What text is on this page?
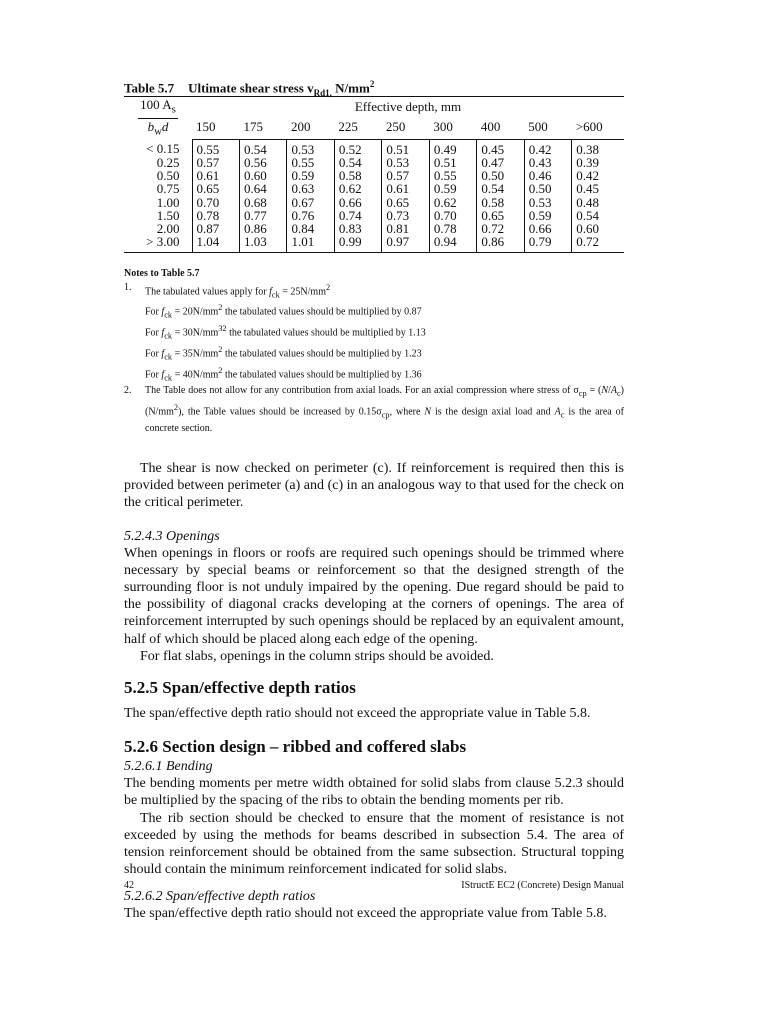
Table 5.7 Ultimate shear stress $v_{Rd1,}$ $N/mm^2$
100 $A_s$
$b_wd$	Effective depth, mm								
	150	175	200	225	250	300	400	500	>600
< 0.15	0.55	0.54	0.53	0.52	0.51	0.49	0.45	0.42	0.38
0.25	0.57	0.56	0.55	0.54	0.53	0.51	0.47	0.43	0.39
0.50	0.61	0.60	0.59	0.58	0.57	0.55	0.50	0.46	0.42
0.75	0.65	0.64	0.63	0.62	0.61	0.59	0.54	0.50	0.45
1.00	0.70	0.68	0.67	0.66	0.65	0.62	0.58	0.53	0.48
1.50	0.78	0.77	0.76	0.74	0.73	0.70	0.65	0.59	0.54
2.00	0.87	0.86	0.84	0.83	0.81	0.78	0.72	0.66	0.60
> 3.00	1.04	1.03	1.01	0.99	0.97	0.94	0.86	0.79	0.72
Notes to Table 5.7
1.	The tabulated values apply for $f_{ck} = 25N/mm^2$
For $f_{ck} = 20N/mm^2$ the tabulated values should be multiplied by 0.87
For $f_{ck} = 30N/mm^{32}$ the tabulated values should be multiplied by 1.13
For $f_{ck} = 35N/mm^2$ the tabulated values should be multiplied by 1.23
For $f_{ck} = 40N/mm^2$ the tabulated values should be multiplied by 1.36
2.	The Table does not allow for any contribution from axial loads. For an axial compression where stress of $\sigma_{cp} = (N/A_c)$ $(N/mm^2)$, the Table values should be increased by $0.15\sigma_{cp}$, where N is the design axial load and $A_c$ is the area of concrete section.

The shear is now checked on perimeter (c). If reinforcement is required then this is provided between perimeter (a) and (c) in an analogous way to that used for the check on the critical perimeter.

5.2.4.3 Openings

When openings in floors or roofs are required such openings should be trimmed where necessary by special beams or reinforcement so that the designed strength of the surrounding floor is not unduly impaired by the opening. Due regard should be paid to the possibility of diagonal cracks developing at the corners of openings. The area of reinforcement interrupted by such openings should be replaced by an equivalent amount, half of which should be placed along each edge of the opening.

For flat slabs, openings in the column strips should be avoided.

5.2.5 Span/effective depth ratios

The span/effective depth ratio should not exceed the appropriate value in Table 5.8.

5.2.6 Section design – ribbed and coffered slabs
5.2.6.1 Bending

The bending moments per metre width obtained for solid slabs from clause 5.2.3 should be multiplied by the spacing of the ribs to obtain the bending moments per rib.

The rib section should be checked to ensure that the moment of resistance is not exceeded by using the methods for beams described in subsection 5.4. The area of tension reinforcement should be obtained from the same subsection. Structural topping should contain the minimum reinforcement indicated for solid slabs.

5.2.6.2 Span/effective depth ratios

The span/effective depth ratio should not exceed the appropriate value from Table 5.8.

42	IStructE EC2 (Concrete) Design Manual
